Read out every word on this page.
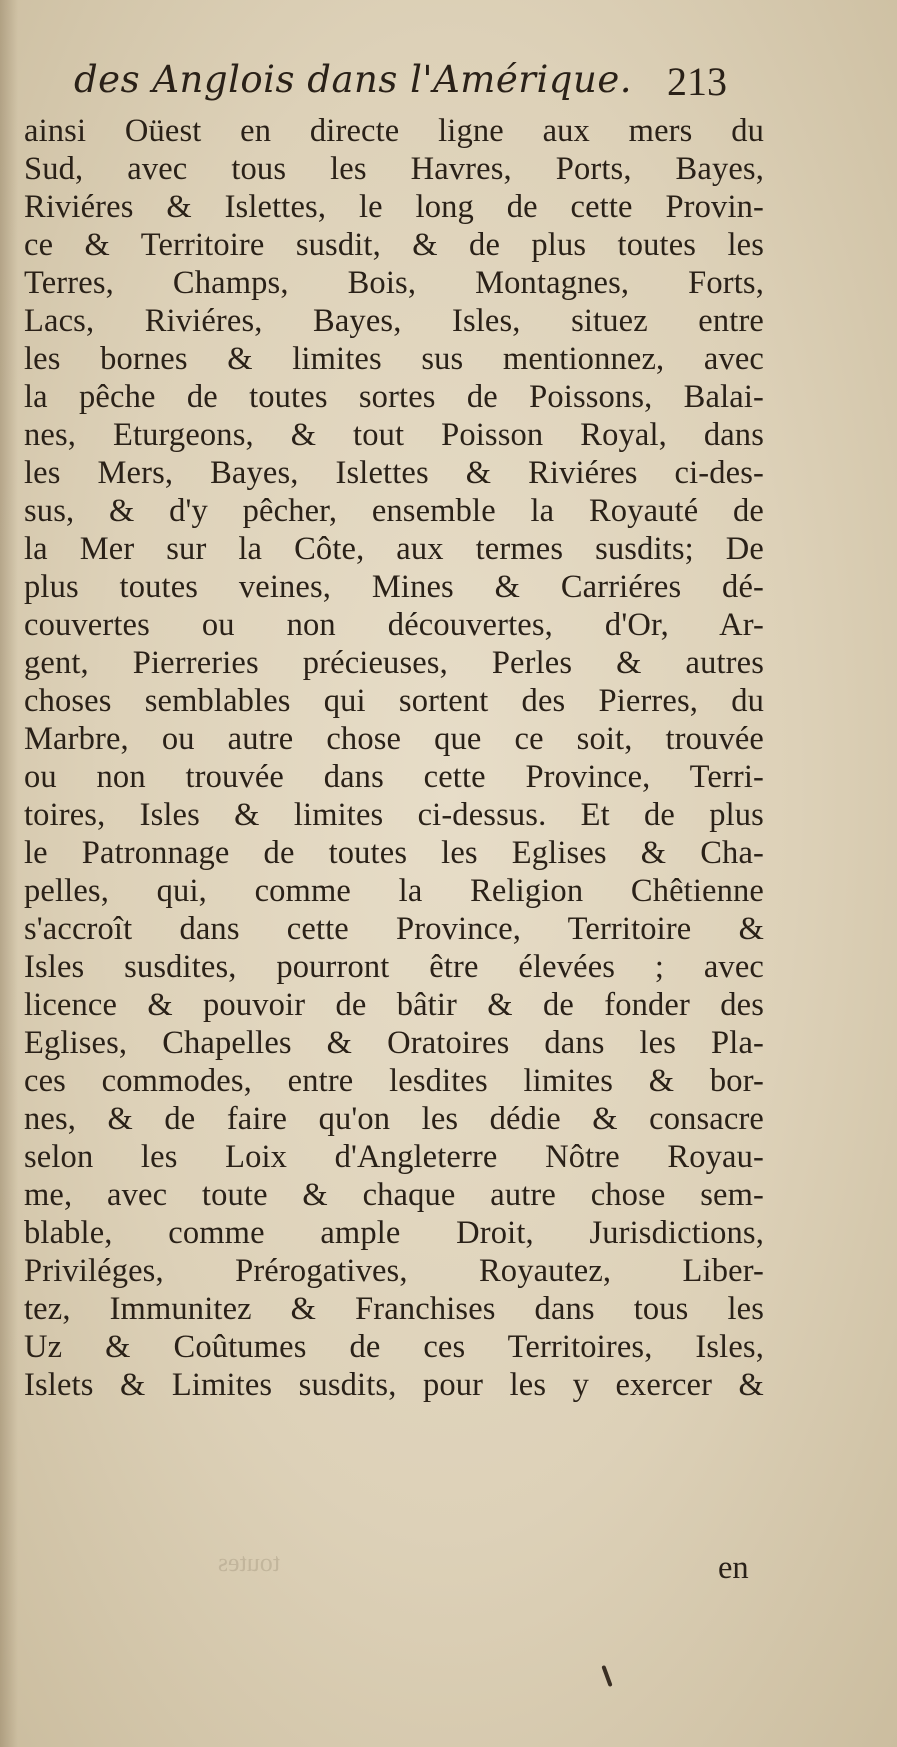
des Anglois dans l'Amérique. 213
ainsi Oüest en directe ligne aux mers du
Sud, avec tous les Havres, Ports, Bayes,
Riviéres & Islettes, le long de cette Provin-
ce & Territoire susdit, & de plus toutes les
Terres, Champs, Bois, Montagnes, Forts,
Lacs, Riviéres, Bayes, Isles, situez entre
les bornes & limites sus mentionnez, avec
la pêche de toutes sortes de Poissons, Balai-
nes, Eturgeons, & tout Poisson Royal, dans
les Mers, Bayes, Islettes & Riviéres ci-des-
sus, & d'y pêcher, ensemble la Royauté de
la Mer sur la Côte, aux termes susdits; De
plus toutes veines, Mines & Carriéres dé-
couvertes ou non découvertes, d'Or, Ar-
gent, Pierreries précieuses, Perles & autres
choses semblables qui sortent des Pierres, du
Marbre, ou autre chose que ce soit, trouvée
ou non trouvée dans cette Province, Terri-
toires, Isles & limites ci-dessus. Et de plus
le Patronnage de toutes les Eglises & Cha-
pelles, qui, comme la Religion Chêtienne
s'accroît dans cette Province, Territoire &
Isles susdites, pourront être élevées ; avec
licence & pouvoir de bâtir & de fonder des
Eglises, Chapelles & Oratoires dans les Pla-
ces commodes, entre lesdites limites & bor-
nes, & de faire qu'on les dédie & consacre
selon les Loix d'Angleterre Nôtre Royau-
me, avec toute & chaque autre chose sem-
blable, comme ample Droit, Jurisdictions,
Priviléges, Prérogatives, Royautez, Liber-
tez, Immunitez & Franchises dans tous les
Uz & Coûtumes de ces Territoires, Isles,
Islets & Limites susdits, pour les y exercer &
toutes	en
